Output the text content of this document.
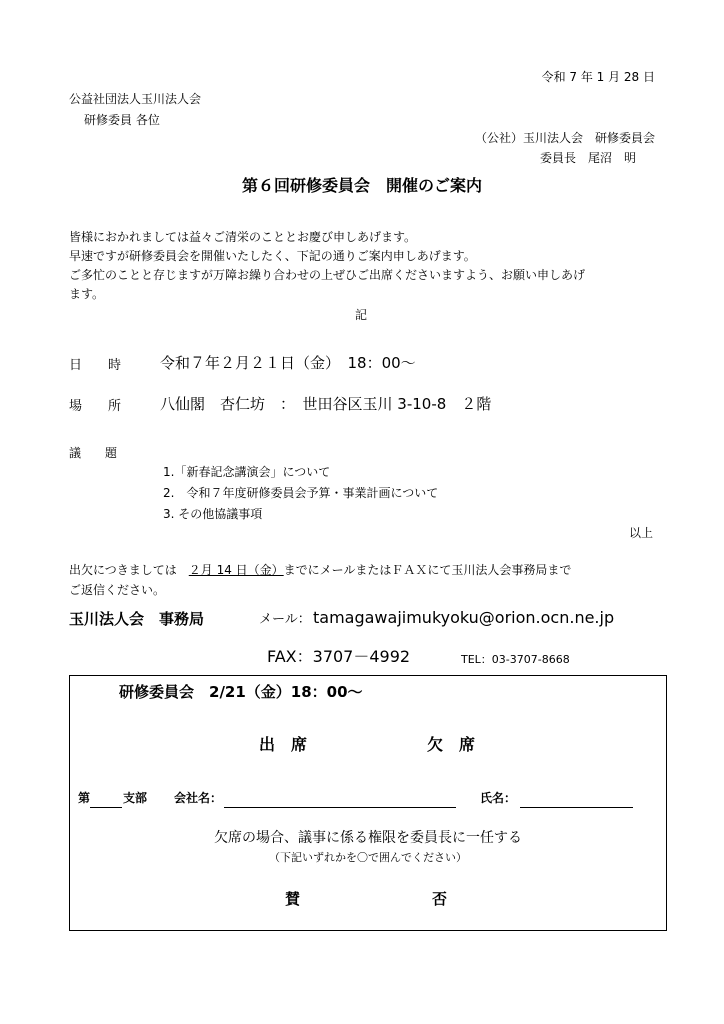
令和 7 年 1 月 28 日
公益社団法人玉川法人会
研修委員 各位
（公社）玉川法人会　研修委員会
委員長　尾沼　明
第６回研修委員会　開催のご案内
皆様におかれましては益々ご清栄のこととお慶び申しあげます。
早速ですが研修委員会を開催いたしたく、下記の通りご案内申しあげます。
ご多忙のことと存じますが万障お繰り合わせの上ぜひご出席くださいますよう、お願い申しあげ
ます。
記
日　　時	令和７年２月２１日（金）　18：00～
場　　所	八仙閣　杏仁坊　：　世田谷区玉川 3-10-8　２階
議　　題
1.「新春記念講演会」について
2.　令和７年度研修委員会予算・事業計画について
3. その他協議事項
以上
出欠につきましては ２月 14 日（金）までにメールまたはＦＡＸにて玉川法人会事務局まで
ご返信ください。
玉川法人会　事務局	メール： tamagawajimukyoku@orion.ocn.ne.jp
FAX：3707－4992	TEL：03-3707-8668
研修委員会　2/21（金）18：00～
出　席	欠　席
第	支部 会社名：	氏名：
欠席の場合、議事に係る権限を委員長に一任する
（下記いずれかを〇で囲んでください）
賛	否
